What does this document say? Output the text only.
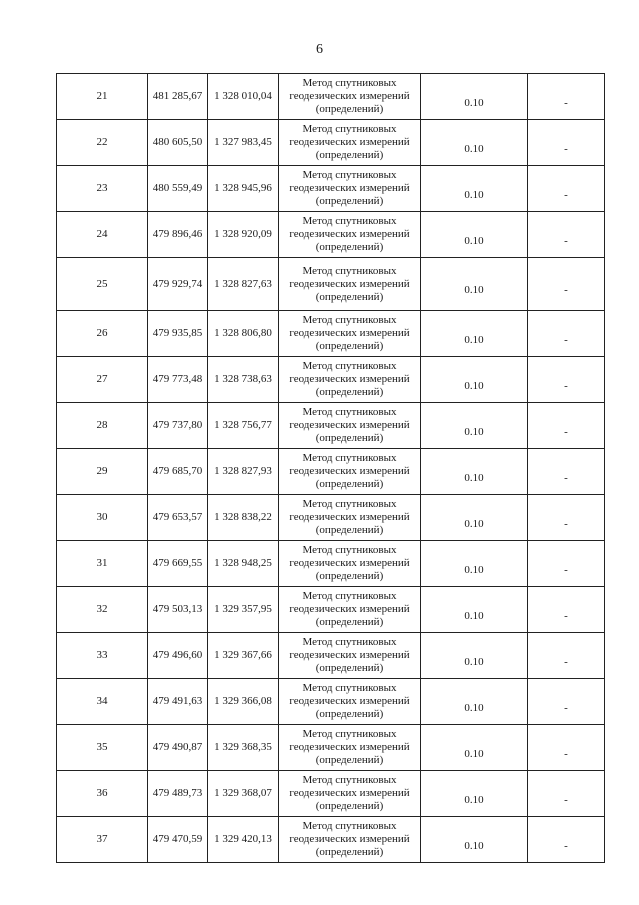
6
21	481 285,67	1 328 010,04	Метод спутниковых
геодезических измерений
(определений)	0.10	-

22	480 605,50	1 327 983,45	Метод спутниковых
геодезических измерений
(определений)	0.10	-

23	480 559,49	1 328 945,96	Метод спутниковых
геодезических измерений
(определений)	0.10	-

24	479 896,46	1 328 920,09	Метод спутниковых
геодезических измерений
(определений)	0.10	-

25	479 929,74	1 328 827,63	Метод спутниковых
геодезических измерений
(определений)	0.10	-

26	479 935,85	1 328 806,80	Метод спутниковых
геодезических измерений
(определений)	0.10	-

27	479 773,48	1 328 738,63	Метод спутниковых
геодезических измерений
(определений)	0.10	-

28	479 737,80	1 328 756,77	Метод спутниковых
геодезических измерений
(определений)	0.10	-

29	479 685,70	1 328 827,93	Метод спутниковых
геодезических измерений
(определений)	0.10	-

30	479 653,57	1 328 838,22	Метод спутниковых
геодезических измерений
(определений)	0.10	-

31	479 669,55	1 328 948,25	Метод спутниковых
геодезических измерений
(определений)	0.10	-

32	479 503,13	1 329 357,95	Метод спутниковых
геодезических измерений
(определений)	0.10	-

33	479 496,60	1 329 367,66	Метод спутниковых
геодезических измерений
(определений)	0.10	-

34	479 491,63	1 329 366,08	Метод спутниковых
геодезических измерений
(определений)	0.10	-

35	479 490,87	1 329 368,35	Метод спутниковых
геодезических измерений
(определений)	0.10	-

36	479 489,73	1 329 368,07	Метод спутниковых
геодезических измерений
(определений)	0.10	-

37	479 470,59	1 329 420,13	Метод спутниковых
геодезических измерений
(определений)	0.10	-
